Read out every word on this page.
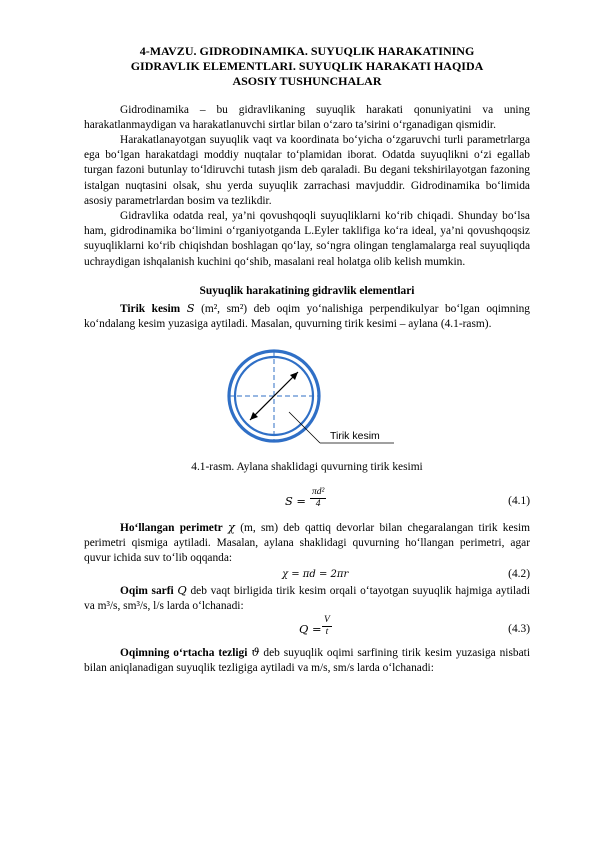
4-MAVZU. GIDRODINAMIKA. SUYUQLIK HARAKATINING
GIDRAVLIK ELEMENTLARI. SUYUQLIK HARAKATI HAQIDA
ASOSIY TUSHUNCHALAR

Gidrodinamika – bu gidravlikaning suyuqlik harakati qonuniyatini va uning harakatlanmaydigan va harakatlanuvchi sirtlar bilan o‘zaro ta’sirini o‘rganadigan qismidir.

Harakatlanayotgan suyuqlik vaqt va koordinata bo‘yicha o‘zgaruvchi turli parametrlarga ega bo‘lgan harakatdagi moddiy nuqtalar to‘plamidan iborat. Odatda suyuqlikni o‘zi egallab turgan fazoni butunlay to‘ldiruvchi tutash jism deb qaraladi. Bu degani tekshirilayotgan fazoning istalgan nuqtasini olsak, shu yerda suyuqlik zarrachasi mavjuddir. Gidrodinamika bo‘limida asosiy parametrlardan bosim va tezlikdir.

Gidravlika odatda real, ya’ni qovushqoqli suyuqliklarni ko‘rib chiqadi. Shunday bo‘lsa ham, gidrodinamika bo‘limini o‘rganiyotganda L.Eyler taklifiga ko‘ra ideal, ya’ni qovushqoqsiz suyuqliklarni ko‘rib chiqishdan boshlagan qo‘lay, so‘ngra olingan tenglamalarga real suyuqliqda uchraydigan ishqalanish kuchini qo‘shib, masalani real holatga olib kelish mumkin.

Suyuqlik harakatining gidravlik elementlari

Tirik kesim S (m², sm²) deb oqim yo‘nalishiga perpendikulyar bo‘lgan oqimning ko‘ndalang kesim yuzasiga aytiladi. Masalan, quvurning tirik kesimi – aylana (4.1-rasm).

Tirik kesim
4.1-rasm. Aylana shaklidagi quvurning tirik kesimi
$S = \frac{\text{πd²}}{4}$	(4.1)

Ho‘llangan perimetr χ (m, sm) deb qattiq devorlar bilan chegaralangan tirik kesim perimetri qismiga aytiladi. Masalan, aylana shaklidagi quvurning ho‘llangan perimetri, agar quvur ichida suv to‘lib oqqanda:

χ = πd = 2πr	(4.2)

Oqim sarfi Q deb vaqt birligida tirik kesim orqali o‘tayotgan suyuqlik hajmiga aytiladi va m³/s, sm³/s, l/s larda o‘lchanadi:

$Q = \frac{V}{t}$	(4.3)

Oqimning o‘rtacha tezligi ϑ deb suyuqlik oqimi sarfining tirik kesim yuzasiga nisbati bilan aniqlanadigan suyuqlik tezligiga aytiladi va m/s, sm/s larda o‘lchanadi:
